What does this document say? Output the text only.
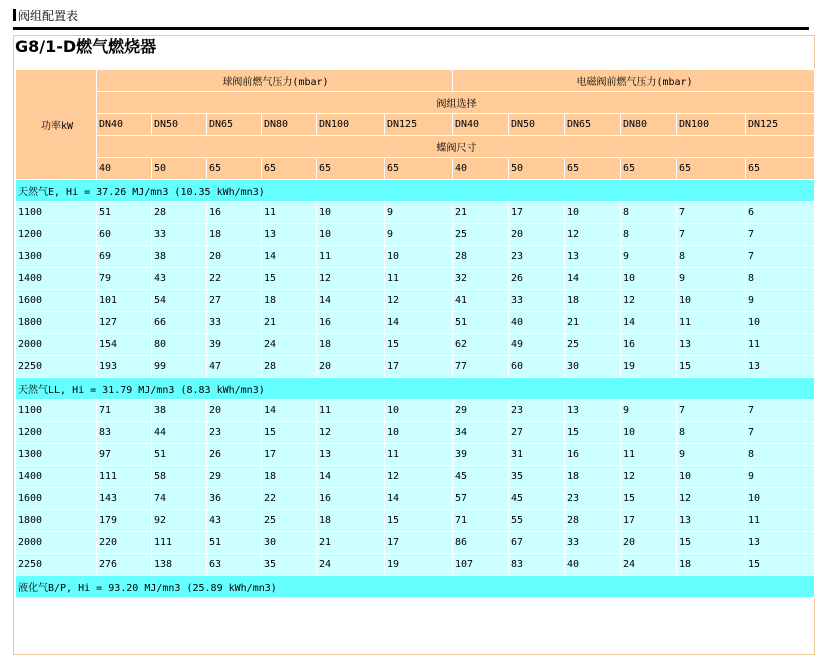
阀组配置表
G8/1-D燃气燃烧器
功率kW	球阀前燃气压力(mbar)						电磁阀前燃气压力(mbar)					
	阀组选择											
	DN40	DN50	DN65	DN80	DN100	DN125	DN40	DN50	DN65	DN80	DN100	DN125
	蝶阀尺寸											
	40	50	65	65	65	65	40	50	65	65	65	65
天然气E, Hi = 37.26 MJ/mn3 (10.35 kWh/mn3)												
1100	51	28	16	11	10	9	21	17	10	8	7	6
1200	60	33	18	13	10	9	25	20	12	8	7	7
1300	69	38	20	14	11	10	28	23	13	9	8	7
1400	79	43	22	15	12	11	32	26	14	10	9	8
1600	101	54	27	18	14	12	41	33	18	12	10	9
1800	127	66	33	21	16	14	51	40	21	14	11	10
2000	154	80	39	24	18	15	62	49	25	16	13	11
2250	193	99	47	28	20	17	77	60	30	19	15	13
天然气LL, Hi = 31.79 MJ/mn3 (8.83 kWh/mn3)												
1100	71	38	20	14	11	10	29	23	13	9	7	7
1200	83	44	23	15	12	10	34	27	15	10	8	7
1300	97	51	26	17	13	11	39	31	16	11	9	8
1400	111	58	29	18	14	12	45	35	18	12	10	9
1600	143	74	36	22	16	14	57	45	23	15	12	10
1800	179	92	43	25	18	15	71	55	28	17	13	11
2000	220	111	51	30	21	17	86	67	33	20	15	13
2250	276	138	63	35	24	19	107	83	40	24	18	15
液化气B/P, Hi = 93.20 MJ/mn3 (25.89 kWh/mn3)												
